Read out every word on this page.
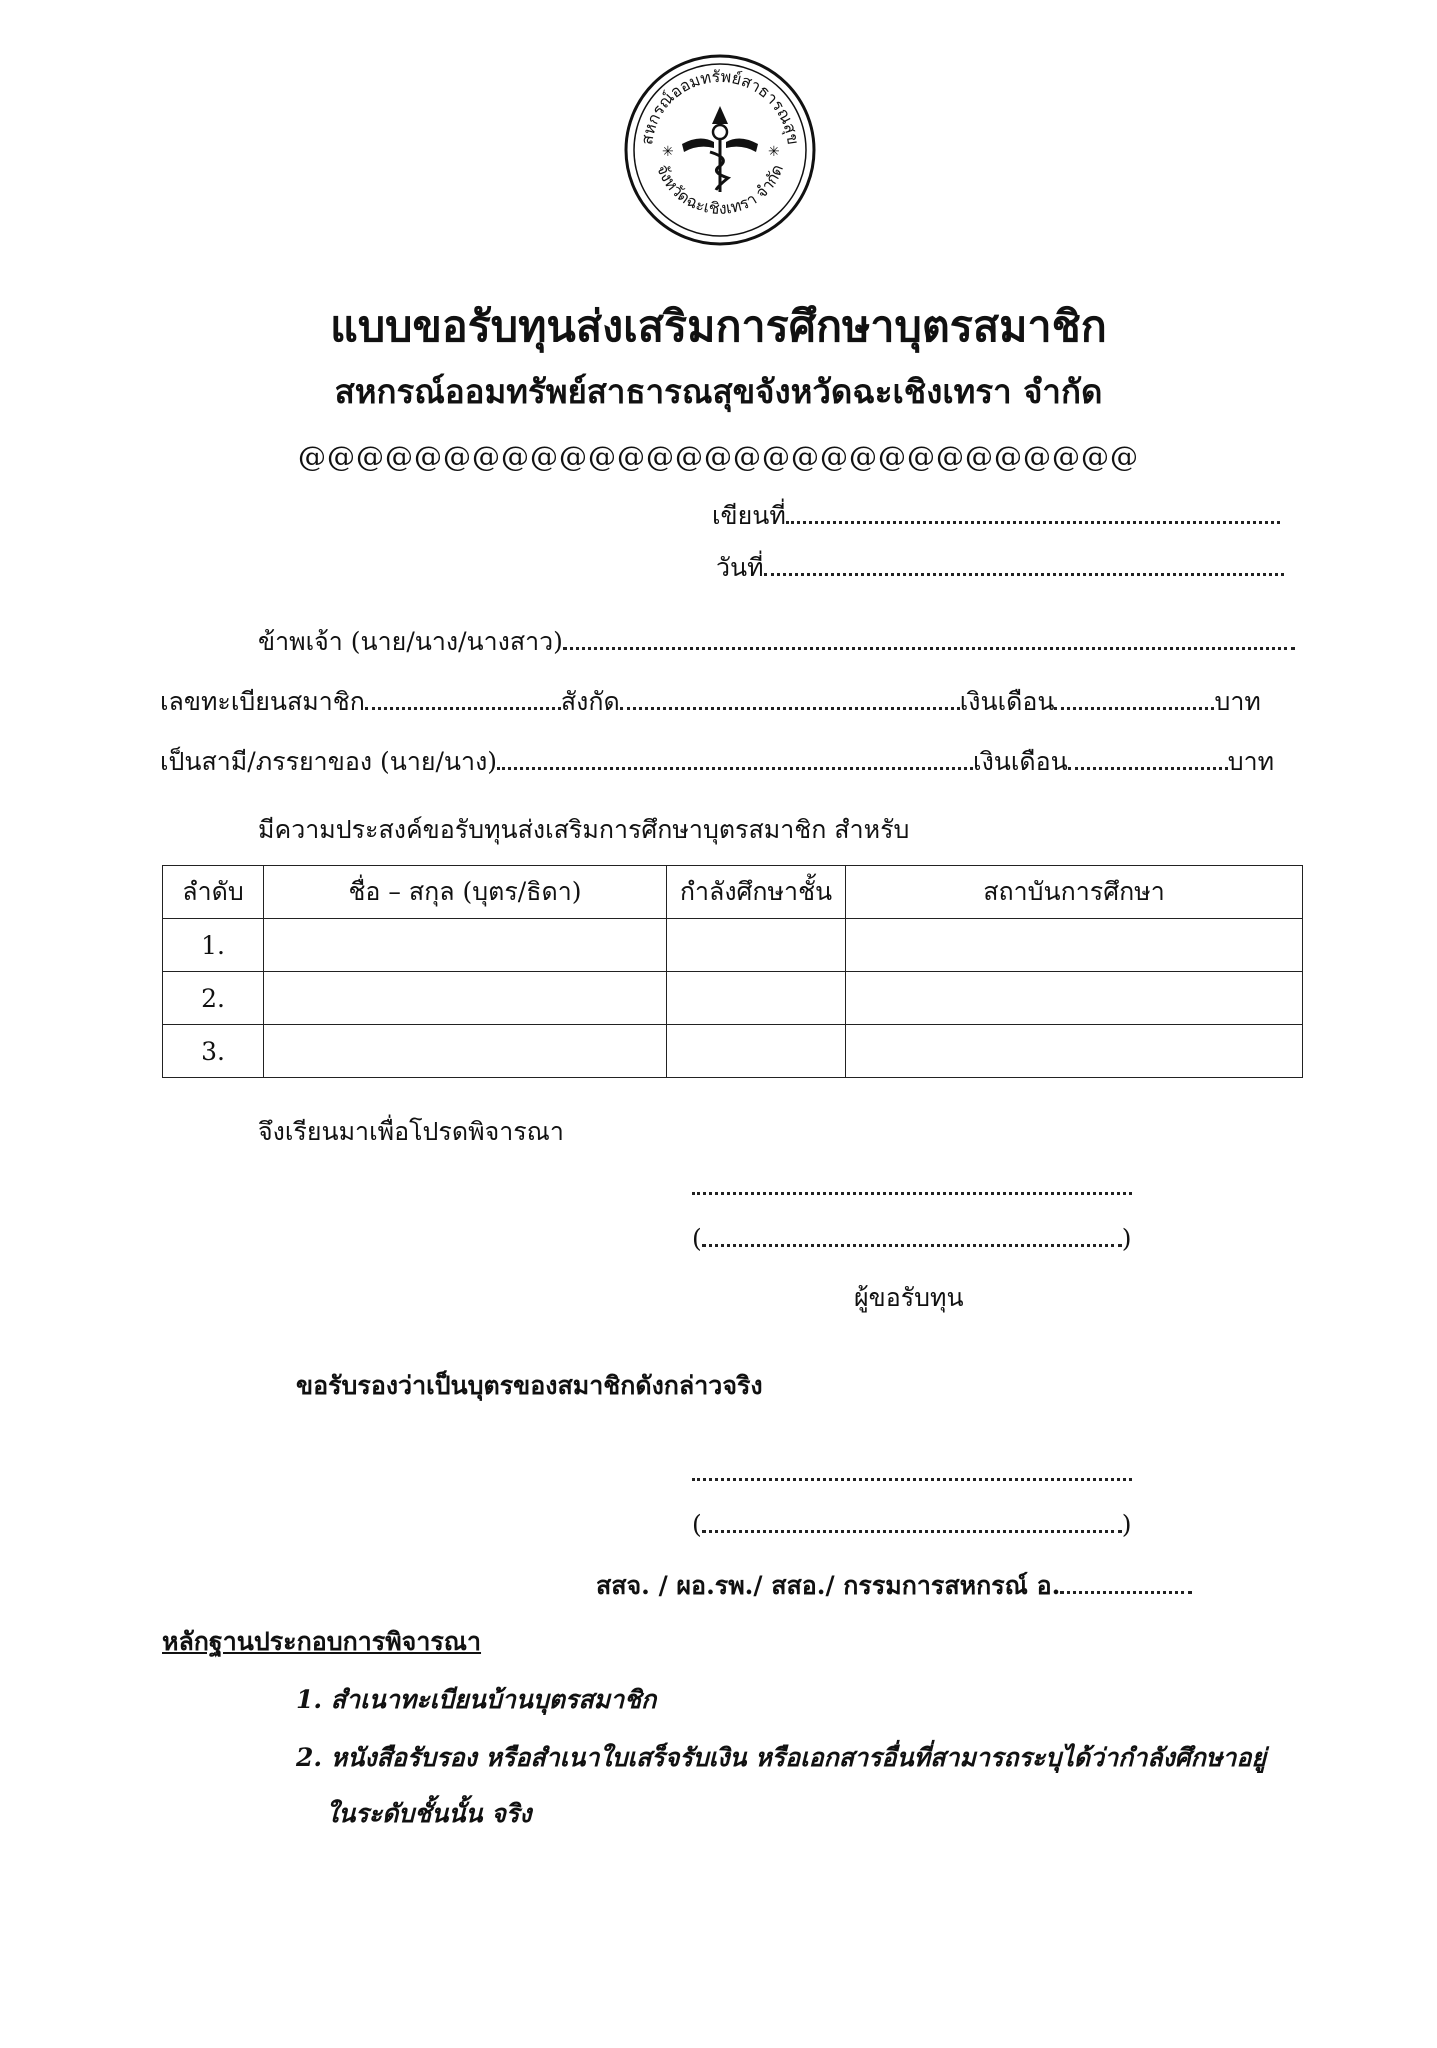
สหกรณ์ออมทรัพย์สาธารณสุข
จังหวัดฉะเชิงเทรา จำกัด
✳	✳
แบบขอรับทุนส่งเสริมการศึกษาบุตรสมาชิก
สหกรณ์ออมทรัพย์สาธารณสุขจังหวัดฉะเชิงเทรา จำกัด
@@@@@@@@@@@@@@@@@@@@@@@@@@@@@
เขียนที่
วันที่
ข้าพเจ้า (นาย/นาง/นางสาว)
เลขทะเบียนสมาชิก	สังกัด	เงินเดือน	บาท
เป็นสามี/ภรรยาของ (นาย/นาง)	เงินเดือน	บาท
มีความประสงค์ขอรับทุนส่งเสริมการศึกษาบุตรสมาชิก สำหรับ
ลำดับ	ชื่อ – สกุล (บุตร/ธิดา)	กำลังศึกษาชั้น	สถาบันการศึกษา
1.			
2.			
3.			
จึงเรียนมาเพื่อโปรดพิจารณา
(	)
ผู้ขอรับทุน
ขอรับรองว่าเป็นบุตรของสมาชิกดังกล่าวจริง
(	)
สสจ. / ผอ.รพ./ สสอ./ กรรมการสหกรณ์ อ.
หลักฐานประกอบการพิจารณา
1. สำเนาทะเบียนบ้านบุตรสมาชิก
2. หนังสือรับรอง หรือสำเนาใบเสร็จรับเงิน หรือเอกสารอื่นที่สามารถระบุได้ว่ากำลังศึกษาอยู่
ในระดับชั้นนั้น จริง
